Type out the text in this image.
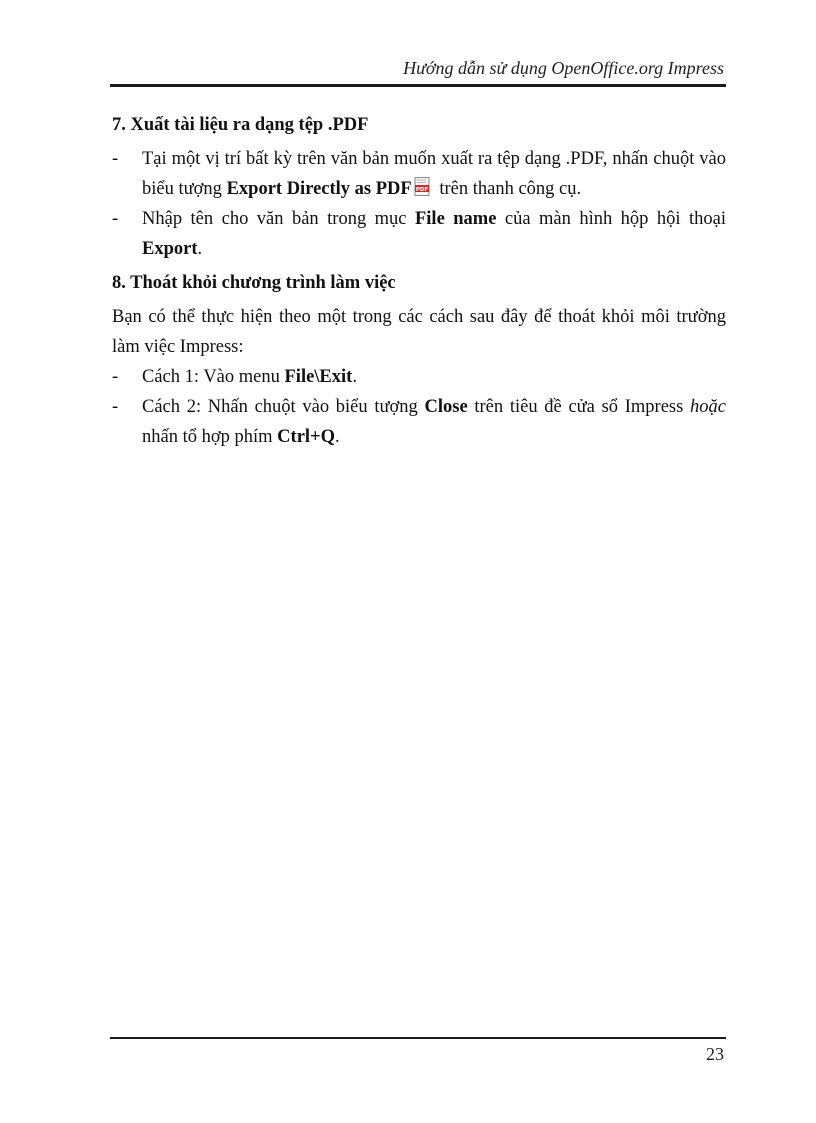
Hướng dẫn sử dụng OpenOffice.org Impress
7. Xuất tài liệu ra dạng tệp .PDF
- Tại một vị trí bất kỳ trên văn bản muốn xuất ra tệp dạng .PDF, nhấn chuột vào biểu tượng Export Directly as PDF PDF trên thanh công cụ.
- Nhập tên cho văn bản trong mục File name của màn hình hộp hội thoại Export.
8. Thoát khỏi chương trình làm việc
Bạn có thể thực hiện theo một trong các cách sau đây để thoát khỏi môi trường làm việc Impress:
- Cách 1: Vào menu File\Exit.
- Cách 2: Nhấn chuột vào biểu tượng Close trên tiêu đề cửa sổ Impress hoặc nhấn tổ hợp phím Ctrl+Q.
23
